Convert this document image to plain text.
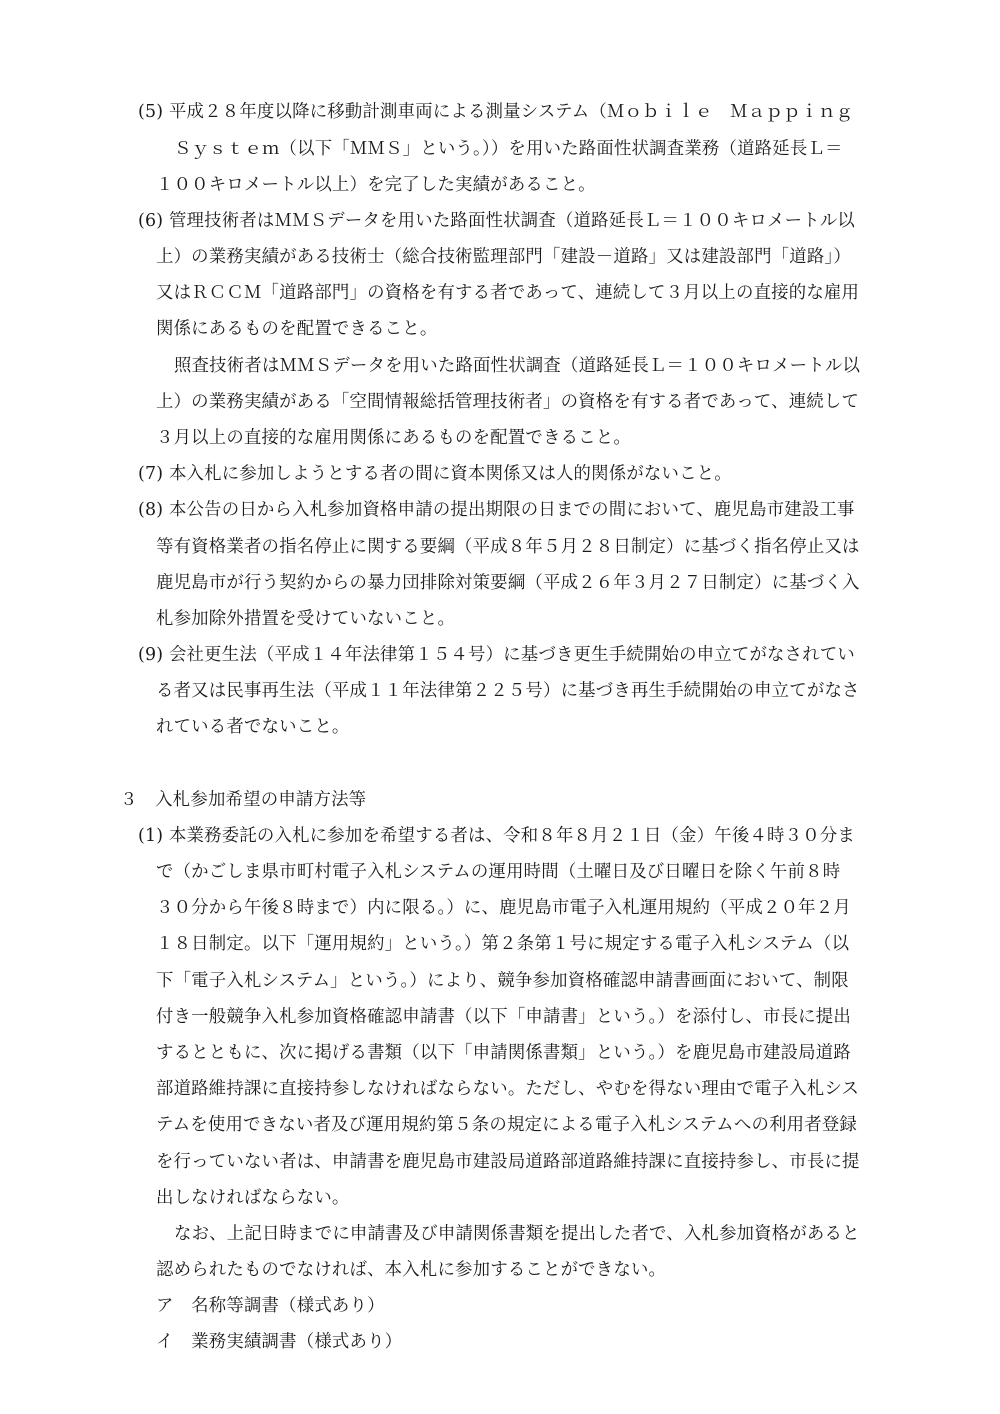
(5) 平成２８年度以降に移動計測車両による測量システム（Ｍｏｂｉｌｅ　Ｍａｐｐｉｎｇ
Ｓｙｓｔｅｍ（以下「ＭＭＳ」という。））を用いた路面性状調査業務（道路延長Ｌ＝
１００キロメートル以上）を完了した実績があること。
(6) 管理技術者はＭＭＳデータを用いた路面性状調査（道路延長Ｌ＝１００キロメートル以
上）の業務実績がある技術士（総合技術監理部門「建設－道路」又は建設部門「道路」）
又はＲＣＣＭ「道路部門」の資格を有する者であって、連続して３月以上の直接的な雇用
関係にあるものを配置できること。
照査技術者はＭＭＳデータを用いた路面性状調査（道路延長Ｌ＝１００キロメートル以
上）の業務実績がある「空間情報総括管理技術者」の資格を有する者であって、連続して
３月以上の直接的な雇用関係にあるものを配置できること。
(7) 本入札に参加しようとする者の間に資本関係又は人的関係がないこと。
(8) 本公告の日から入札参加資格申請の提出期限の日までの間において、鹿児島市建設工事
等有資格業者の指名停止に関する要綱（平成８年５月２８日制定）に基づく指名停止又は
鹿児島市が行う契約からの暴力団排除対策要綱（平成２６年３月２７日制定）に基づく入
札参加除外措置を受けていないこと。
(9) 会社更生法（平成１４年法律第１５４号）に基づき更生手続開始の申立てがなされてい
る者又は民事再生法（平成１１年法律第２２５号）に基づき再生手続開始の申立てがなさ
れている者でないこと。
３　入札参加希望の申請方法等
(1) 本業務委託の入札に参加を希望する者は、令和８年８月２１日（金）午後４時３０分ま
で（かごしま県市町村電子入札システムの運用時間（土曜日及び日曜日を除く午前８時
３０分から午後８時まで）内に限る。）に、鹿児島市電子入札運用規約（平成２０年２月
１８日制定。以下「運用規約」という。）第２条第１号に規定する電子入札システム（以
下「電子入札システム」という。）により、競争参加資格確認申請書画面において、制限
付き一般競争入札参加資格確認申請書（以下「申請書」という。）を添付し、市長に提出
するとともに、次に掲げる書類（以下「申請関係書類」という。）を鹿児島市建設局道路
部道路維持課に直接持参しなければならない。ただし、やむを得ない理由で電子入札シス
テムを使用できない者及び運用規約第５条の規定による電子入札システムへの利用者登録
を行っていない者は、申請書を鹿児島市建設局道路部道路維持課に直接持参し、市長に提
出しなければならない。
なお、上記日時までに申請書及び申請関係書類を提出した者で、入札参加資格があると
認められたものでなければ、本入札に参加することができない。
ア　名称等調書（様式あり）
イ　業務実績調書（様式あり）
